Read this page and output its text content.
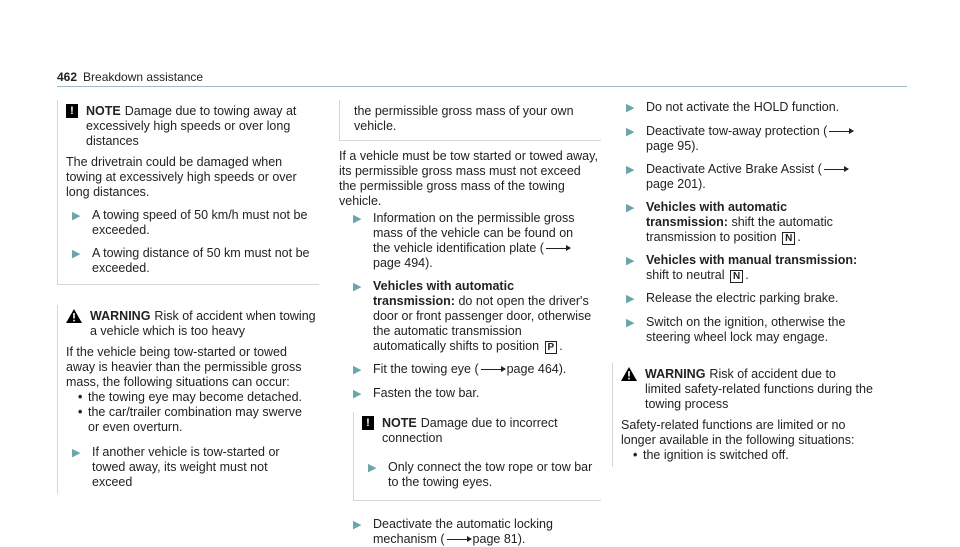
462 Breakdown assistance
! NOTE Damage due to towing away at excessively high speeds or over long distances
The drivetrain could be damaged when towing at excessively high speeds or over long distances.
▶ A towing speed of 50 km/h must not be exceeded.
▶ A towing distance of 50 km must not be exceeded.
WARNING Risk of accident when towing a vehicle which is too heavy
If the vehicle being tow-started or towed away is heavier than the permissible gross mass, the following situations can occur:
• the towing eye may become detached.
• the car/trailer combination may swerve or even overturn.
▶ If another vehicle is tow-started or towed away, its weight must not exceed
the permissible gross mass of your own vehicle.
If a vehicle must be tow started or towed away, its permissible gross mass must not exceed the permissible gross mass of the towing vehicle.
▶ Information on the permissible gross mass of the vehicle can be found on the vehicle identification plate (page 494).
▶ Vehicles with automatic transmission: do not open the driver's door or front passenger door, otherwise the automatic transmission automatically shifts to position P .
▶ Fit the towing eye ( page 464).
▶ Fasten the tow bar.
! NOTE Damage due to incorrect connection
▶ Only connect the tow rope or tow bar to the towing eyes.
▶ Deactivate the automatic locking mechanism ( page 81).
▶ Do not activate the HOLD function.
▶ Deactivate tow-away protection (page 95).
▶ Deactivate Active Brake Assist (page 201).
▶ Vehicles with automatic transmission: shift the automatic transmission to position N .
▶ Vehicles with manual transmission: shift to neutral N .
▶ Release the electric parking brake.
▶ Switch on the ignition, otherwise the steering wheel lock may engage.
WARNING Risk of accident due to limited safety-related functions during the towing process
Safety-related functions are limited or no longer available in the following situations:
• the ignition is switched off.
